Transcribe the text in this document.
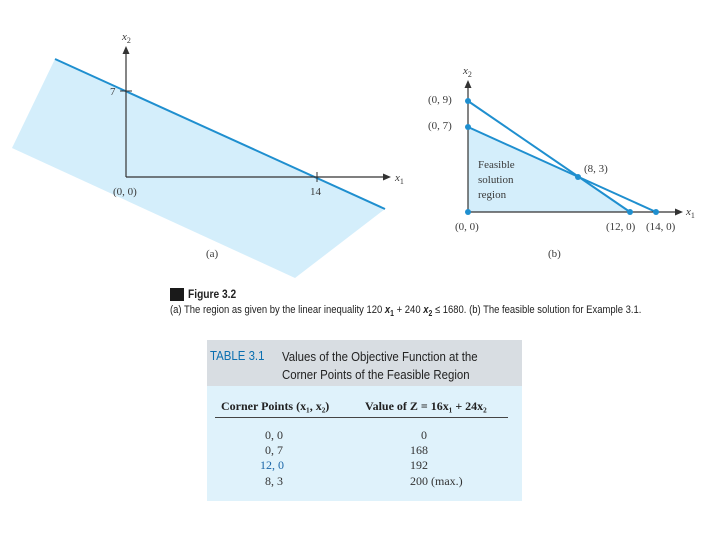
$x_2$
$x_1$
7
14
(0, 0)
(a)
$x_2$
$x_1$
(0, 9)
(0, 7)
(8, 3)
(0, 0)	(12, 0) (14, 0)
Feasible
solution
region
(b)
Figure 3.2
(a) The region as given by the linear inequality 120 $x_1 + 240$ $x_2 \le 1680$. (b) The feasible solution for Example 3.1.
TABLE 3.1 Values of the Objective Function at the
Corner Points of the Feasible Region
Corner Points (x₁, x₂)	Value of Z = 16x₁ + 24x₂
0, 0	0
0, 7	168
12, 0	192
8, 3	200 (max.)
